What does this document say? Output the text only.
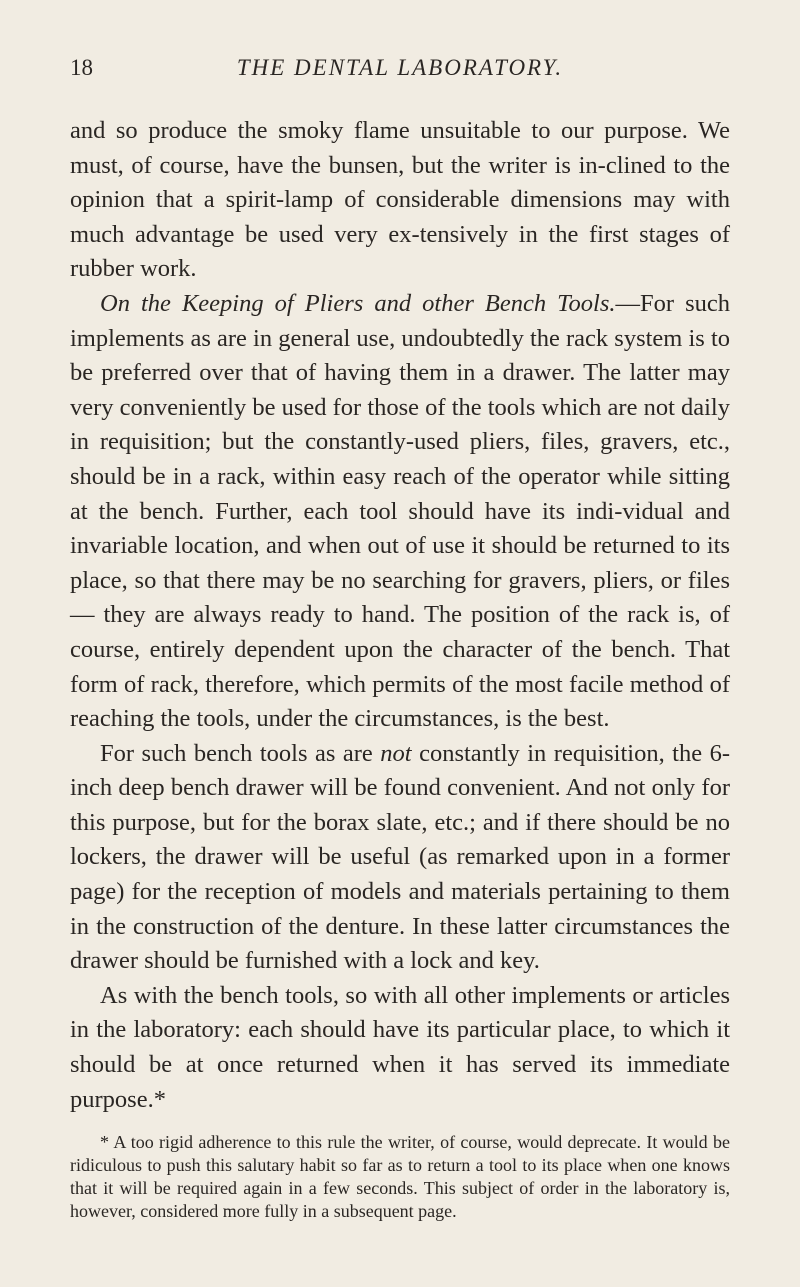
18	THE DENTAL LABORATORY.

and so produce the smoky flame unsuitable to our purpose. We must, of course, have the bunsen, but the writer is in-clined to the opinion that a spirit-lamp of considerable dimensions may with much advantage be used very ex-tensively in the first stages of rubber work.

On the Keeping of Pliers and other Bench Tools.—For such implements as are in general use, undoubtedly the rack system is to be preferred over that of having them in a drawer. The latter may very conveniently be used for those of the tools which are not daily in requisition; but the constantly-used pliers, files, gravers, etc., should be in a rack, within easy reach of the operator while sitting at the bench. Further, each tool should have its indi-vidual and invariable location, and when out of use it should be returned to its place, so that there may be no searching for gravers, pliers, or files — they are always ready to hand. The position of the rack is, of course, entirely dependent upon the character of the bench. That form of rack, therefore, which permits of the most facile method of reaching the tools, under the circumstances, is the best.

For such bench tools as are not constantly in requisition, the 6-inch deep bench drawer will be found convenient. And not only for this purpose, but for the borax slate, etc.; and if there should be no lockers, the drawer will be useful (as remarked upon in a former page) for the reception of models and materials pertaining to them in the construction of the denture. In these latter circumstances the drawer should be furnished with a lock and key.

As with the bench tools, so with all other implements or articles in the laboratory: each should have its particular place, to which it should be at once returned when it has served its immediate purpose.*

* A too rigid adherence to this rule the writer, of course, would deprecate. It would be ridiculous to push this salutary habit so far as to return a tool to its place when one knows that it will be required again in a few seconds. This subject of order in the laboratory is, however, considered more fully in a subsequent page.
